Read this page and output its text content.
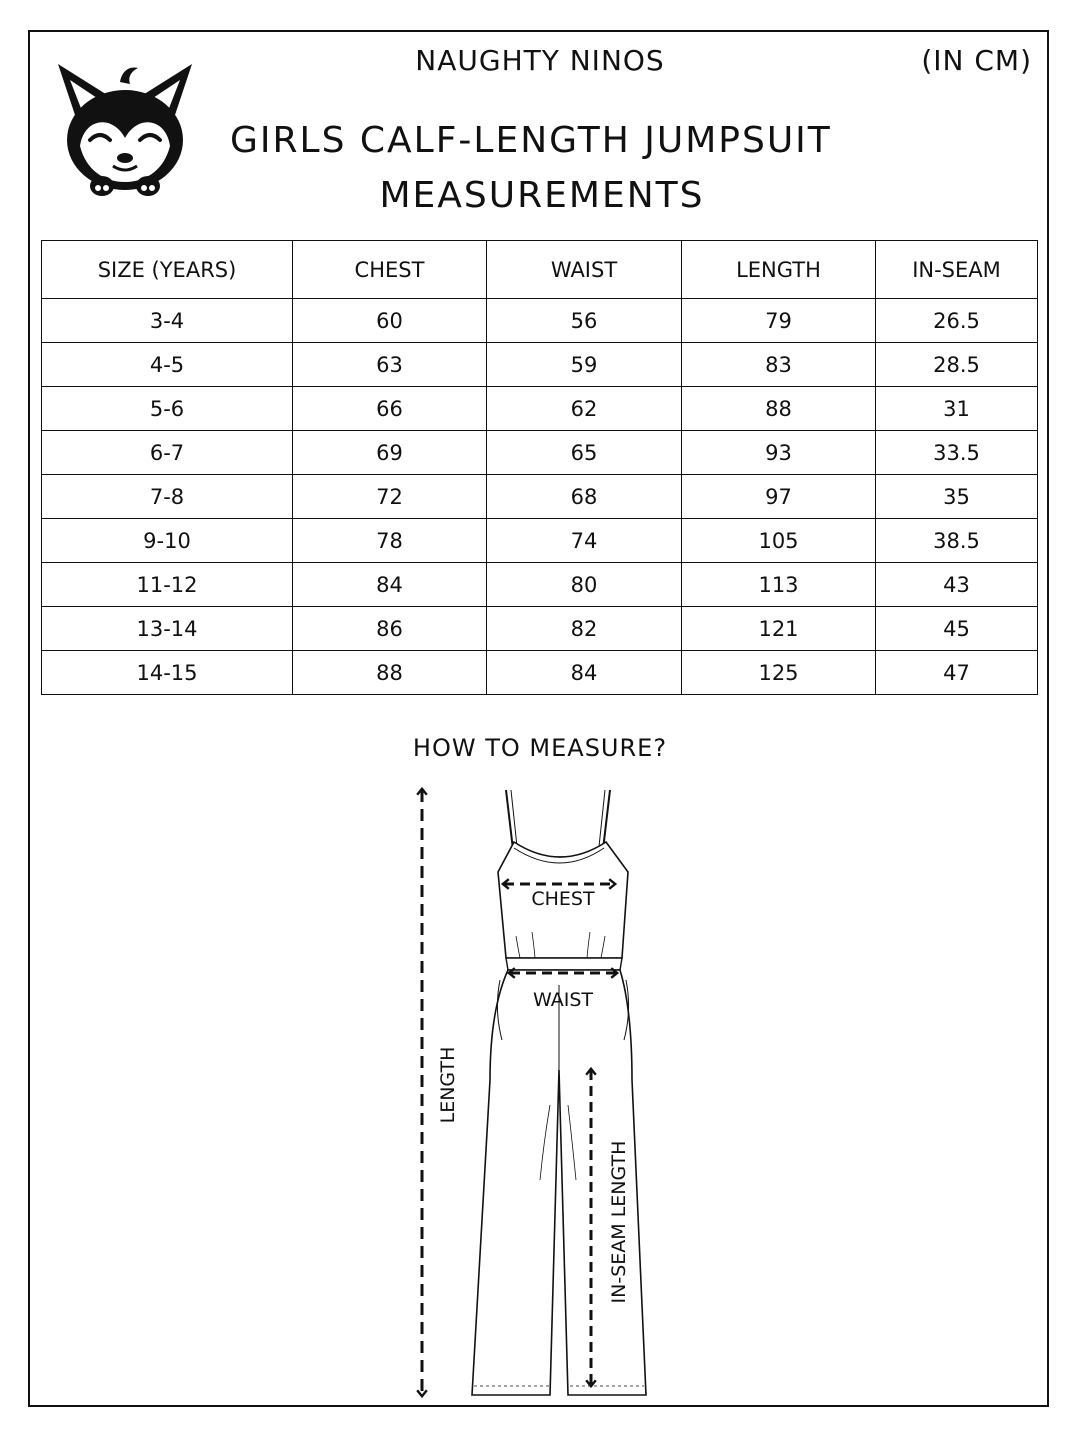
NAUGHTY NINOS	(IN CM)
GIRLS CALF-LENGTH JUMPSUIT
MEASUREMENTS
SIZE (YEARS)	CHEST	WAIST	LENGTH	IN-SEAM
3-4	60	56	79	26.5
4-5	63	59	83	28.5
5-6	66	62	88	31
6-7	69	65	93	33.5
7-8	72	68	97	35
9-10	78	74	105	38.5
11-12	84	80	113	43
13-14	86	82	121	45
14-15	88	84	125	47
HOW TO MEASURE?
LENGTH
CHEST
WAIST
IN-SEAM LENGTH
